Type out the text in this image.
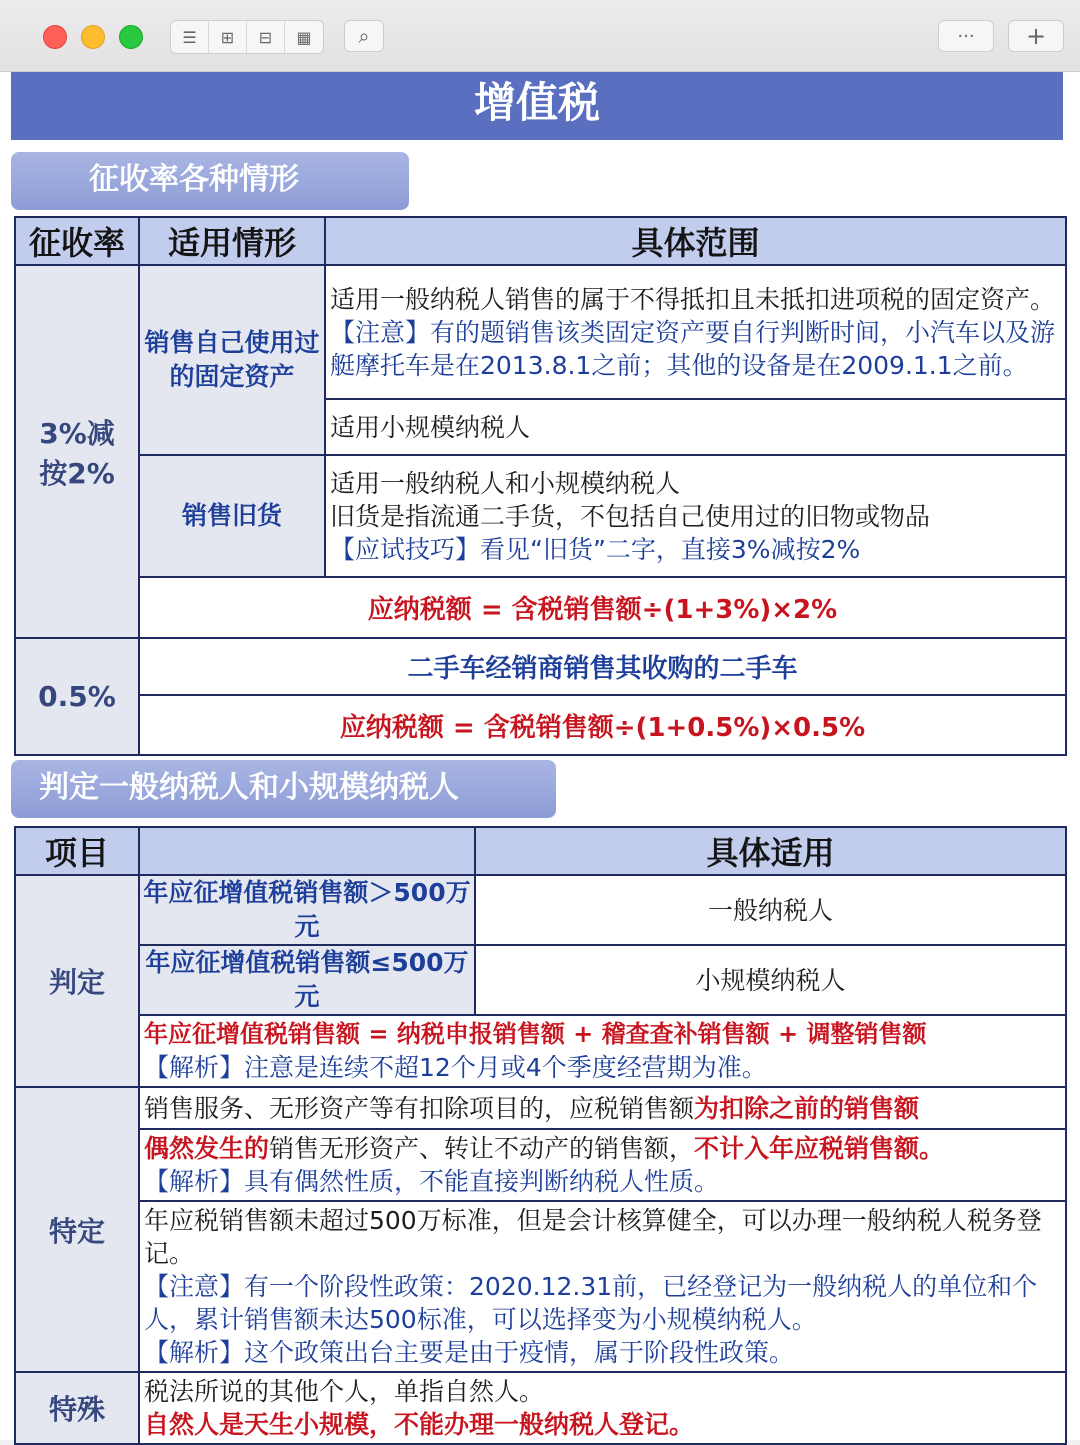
☰	⊞	⊟	▦	⌕	···	+
增值税
征收率各种情形
征收率	适用情形	具体范围
3%减按2%	销售自己使用过的固定资产	适用一般纳税人销售的属于不得抵扣且未抵扣进项税的固定资产。【注意】有的题销售该类固定资产要自行判断时间，小汽车以及游艇摩托车是在2013.8.1之前；其他的设备是在2009.1.1之前。
		适用小规模纳税人
	销售旧货	适用一般纳税人和小规模纳税人
旧货是指流通二手货，不包括自己使用过的旧物或物品
【应试技巧】看见“旧货”二字，直接3%减按2%

	应纳税额 = 含税销售额÷(1+3%)×2%	
0.5%	二手车经销商销售其收购的二手车	
	应纳税额 = 含税销售额÷(1+0.5%)×0.5%	
判定一般纳税人和小规模纳税人
项目		具体适用
判定	年应征增值税销售额＞500万元	一般纳税人
	年应征增值税销售额≤500万元	小规模纳税人

	年应征增值税销售额 = 纳税申报销售额 + 稽查查补销售额 + 调整销售额
【解析】注意是连续不超12个月或4个季度经营期为准。	

特定	销售服务、无形资产等有扣除项目的，应税销售额为扣除之前的销售额	

	偶然发生的销售无形资产、转让不动产的销售额，不计入年应税销售额。
【解析】具有偶然性质，不能直接判断纳税人性质。	

	年应税销售额未超过500万标准，但是会计核算健全，可以办理一般纳税人税务登记。
【注意】有一个阶段性政策：2020.12.31前，已经登记为一般纳税人的单位和个人，累计销售额未达500标准，可以选择变为小规模纳税人。
【解析】这个政策出台主要是由于疫情，属于阶段性政策。	

特殊	税法所说的其他个人，单指自然人。
自然人是天生小规模，不能办理一般纳税人登记。	
